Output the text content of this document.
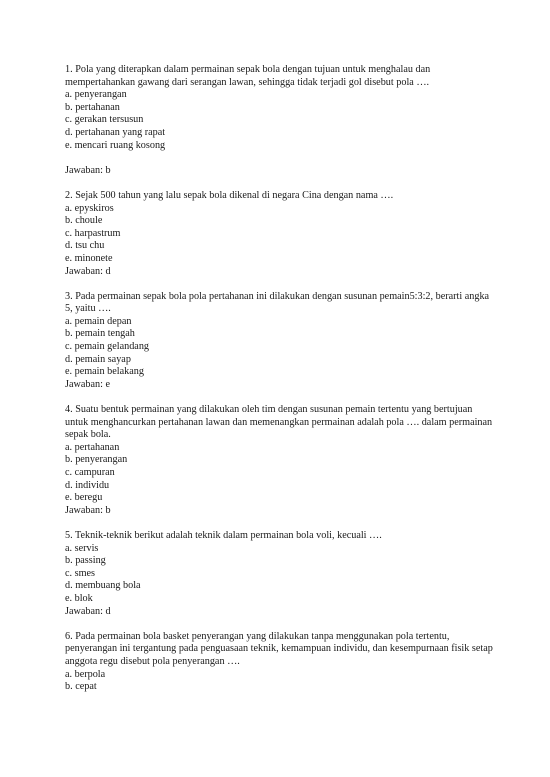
1. Pola yang diterapkan dalam permainan sepak bola dengan tujuan untuk menghalau dan mempertahankan gawang dari serangan lawan, sehingga tidak terjadi gol disebut pola ….

a. penyerangan
b. pertahanan
c. gerakan tersusun
d. pertahanan yang rapat
e. mencari ruang kosong

Jawaban: b

2. Sejak 500 tahun yang lalu sepak bola dikenal di negara Cina dengan nama ….

a. epyskiros
b. choule
c. harpastrum
d. tsu chu
e. minonete

Jawaban: d

3. Pada permainan sepak bola pola pertahanan ini dilakukan dengan susunan pemain5:3:2, berarti angka 5, yaitu ….

a. pemain depan
b. pemain tengah
c. pemain gelandang
d. pemain sayap
e. pemain belakang

Jawaban: e

4. Suatu bentuk permainan yang dilakukan oleh tim dengan susunan pemain tertentu yang bertujuan untuk menghancurkan pertahanan lawan dan memenangkan permainan adalah pola …. dalam permainan sepak bola.

a. pertahanan
b. penyerangan
c. campuran
d. individu
e. beregu

Jawaban: b

5. Teknik-teknik berikut adalah teknik dalam permainan bola voli, kecuali ….

a. servis
b. passing
c. smes
d. membuang bola
e. blok

Jawaban: d

6. Pada permainan bola basket penyerangan yang dilakukan tanpa menggunakan pola tertentu, penyerangan ini tergantung pada penguasaan teknik, kemampuan individu, dan kesempurnaan fisik setap anggota regu disebut pola penyerangan ….

a. berpola
b. cepat
